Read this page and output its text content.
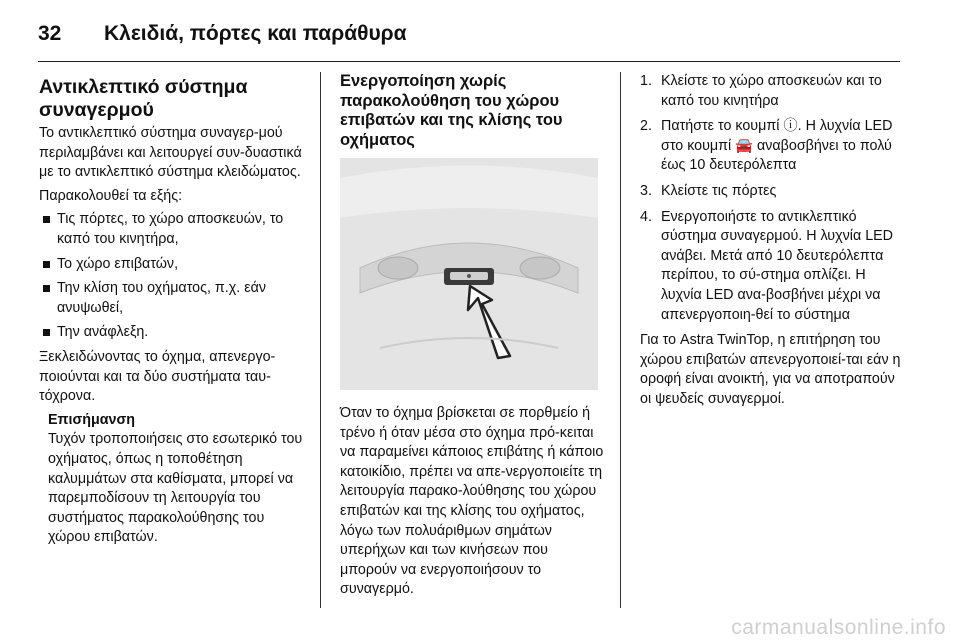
32	Κλειδιά, πόρτες και παράθυρα
Αντικλεπτικό σύστημα συναγερμού

Το αντικλεπτικό σύστημα συναγερ‐μού περιλαμβάνει και λειτουργεί συν‐δυαστικά με το αντικλεπτικό σύστημα κλειδώματος.

Παρακολουθεί τα εξής:

Τις πόρτες, το χώρο αποσκευών, το καπό του κινητήρα,
Το χώρο επιβατών,
Την κλίση του οχήματος, π.χ. εάν ανυψωθεί,
Την ανάφλεξη.

Ξεκλειδώνοντας το όχημα, απενεργο‐ποιούνται και τα δύο συστήματα ταυ‐τόχρονα.

Επισήμανση
Τυχόν τροποποιήσεις στο εσωτερικό του οχήματος, όπως η τοποθέτηση καλυμμάτων στα καθίσματα, μπορεί να παρεμποδίσουν τη λειτουργία του συστήματος παρακολούθησης του χώρου επιβατών.
Ενεργοποίηση χωρίς παρακολούθηση του χώρου επιβατών και της κλίσης του οχήματος

Όταν το όχημα βρίσκεται σε πορθμείο ή τρένο ή όταν μέσα στο όχημα πρό‐κειται να παραμείνει κάποιος επιβάτης ή κάποιο κατοικίδιο, πρέπει να απε‐νεργοποιείτε τη λειτουργία παρακο‐λούθησης του χώρου επιβατών και της κλίσης του οχήματος, λόγω των πολυάριθμων σημάτων υπερήχων και των κινήσεων που μπορούν να ενεργοποιήσουν το συναγερμό.

1. Κλείστε το χώρο αποσκευών και το καπό του κινητήρα
2. Πατήστε το κουμπί ⓘ. Η λυχνία LED στο κουμπί 🚘 αναβοσβήνει το πολύ έως 10 δευτερόλεπτα
3. Κλείστε τις πόρτες
4. Ενεργοποιήστε το αντικλεπτικό σύστημα συναγερμού. Η λυχνία LED ανάβει. Μετά από 10 δευτερόλεπτα περίπου, το σύ‐στημα οπλίζει. Η λυχνία LED ανα‐βοσβήνει μέχρι να απενεργοποιη‐θεί το σύστημα

Για το Astra TwinTop, η επιτήρηση του χώρου επιβατών απενεργοποιεί‐ται εάν η οροφή είναι ανοικτή, για να αποτραπούν οι ψευδείς συναγερμοί.

carmanualsonline.info
